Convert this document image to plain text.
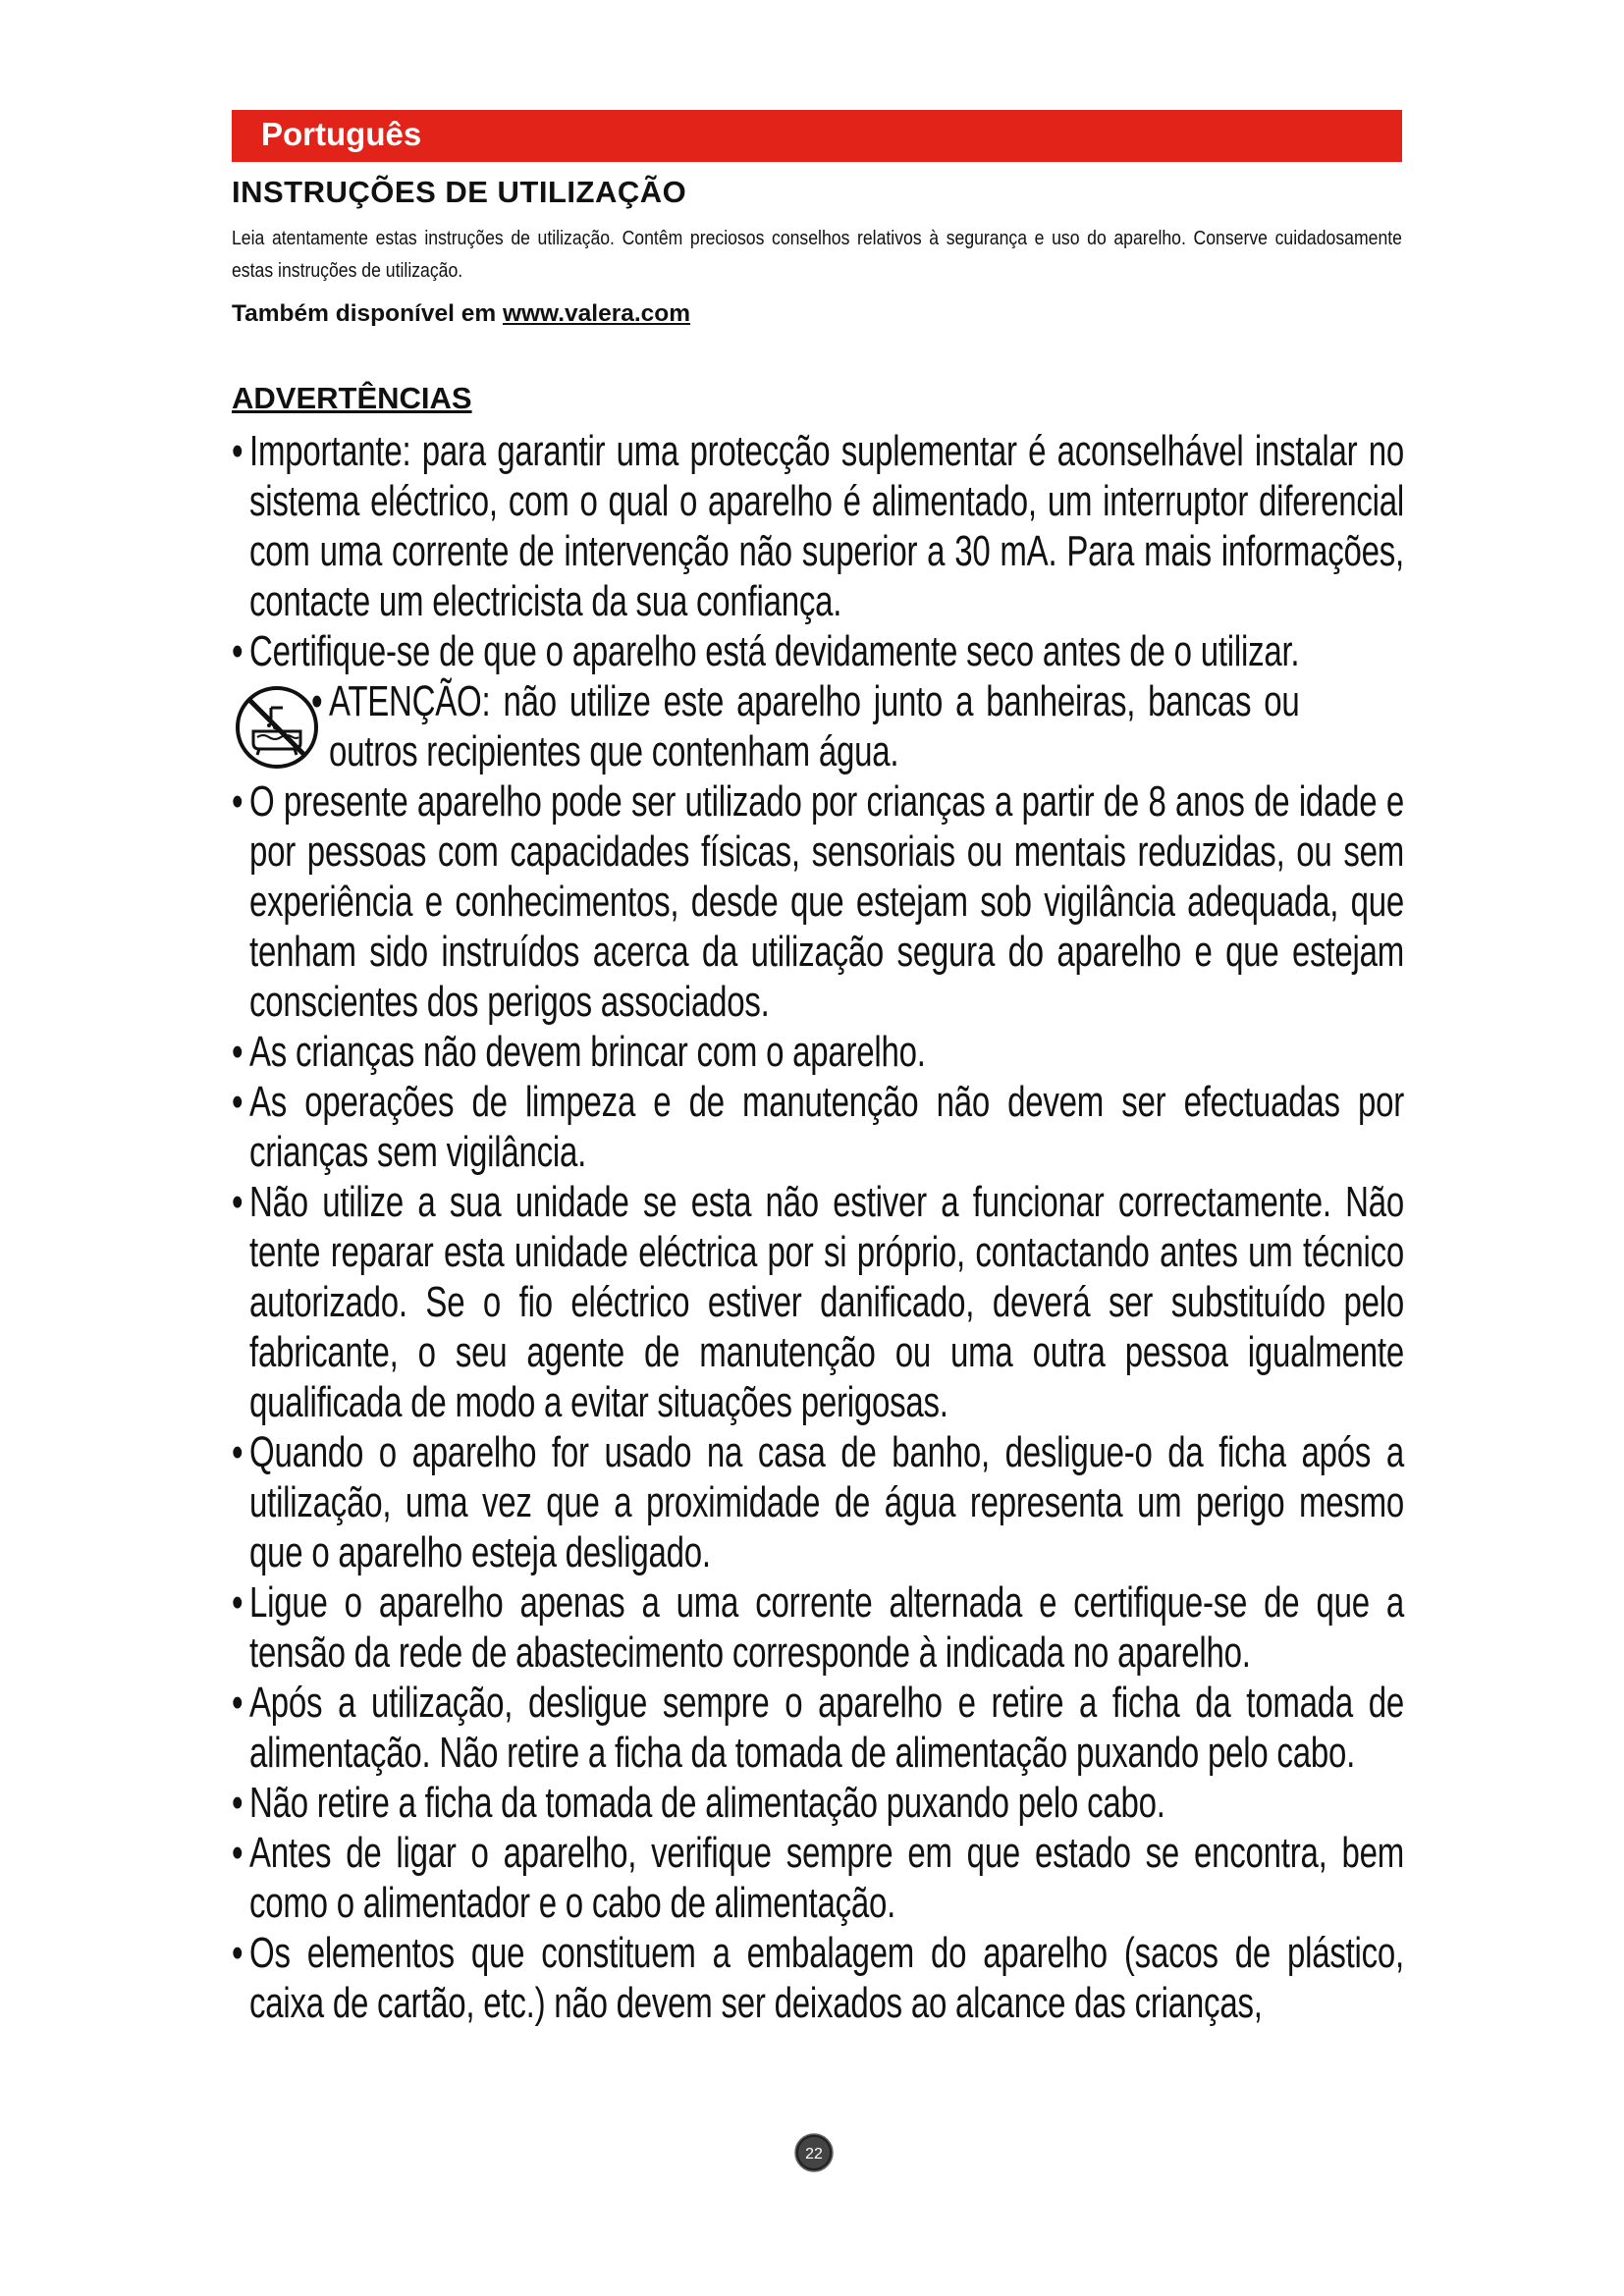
Português
INSTRUÇÕES DE UTILIZAÇÃO

Leia atentamente estas instruções de utilização. Contêm preciosos conselhos relativos à segurança e uso do aparelho. Conserve cuidadosamente estas instruções de utilização.

Também disponível em www.valera.com

ADVERTÊNCIAS

• Importante: para garantir uma protecção suplementar é aconselhável instalar no sistema eléctrico, com o qual o aparelho é alimentado, um interruptor diferencial com uma corrente de intervenção não superior a 30 mA. Para mais informações, contacte um electricista da sua confiança.

• Certifique-se de que o aparelho está devidamente seco antes de o utilizar.

• ATENÇÃO: não utilize este aparelho junto a banheiras, bancas ou outros recipientes que contenham água.

• O presente aparelho pode ser utilizado por crianças a partir de 8 anos de idade e por pessoas com capacidades físicas, sensoriais ou mentais reduzidas, ou sem experiência e conhecimentos, desde que estejam sob vigilância adequada, que tenham sido instruídos acerca da utilização segura do aparelho e que estejam conscientes dos perigos associados.

• As crianças não devem brincar com o aparelho.

• As operações de limpeza e de manutenção não devem ser efectuadas por crianças sem vigilância.

• Não utilize a sua unidade se esta não estiver a funcionar correctamente. Não tente reparar esta unidade eléctrica por si próprio, contactando antes um técnico autorizado. Se o fio eléctrico estiver danificado, deverá ser substituído pelo fabricante, o seu agente de manutenção ou uma outra pessoa igualmente qualificada de modo a evitar situações perigosas.

• Quando o aparelho for usado na casa de banho, desligue-o da ficha após a utilização, uma vez que a proximidade de água representa um perigo mesmo que o aparelho esteja desligado.

• Ligue o aparelho apenas a uma corrente alternada e certifique-se de que a tensão da rede de abastecimento corresponde à indicada no aparelho.

• Após a utilização, desligue sempre o aparelho e retire a ficha da tomada de alimentação. Não retire a ficha da tomada de alimentação puxando pelo cabo.

• Não retire a ficha da tomada de alimentação puxando pelo cabo.

• Antes de ligar o aparelho, verifique sempre em que estado se encontra, bem como o alimentador e o cabo de alimentação.

• Os elementos que constituem a embalagem do aparelho (sacos de plástico, caixa de cartão, etc.) não devem ser deixados ao alcance das crianças,

22
